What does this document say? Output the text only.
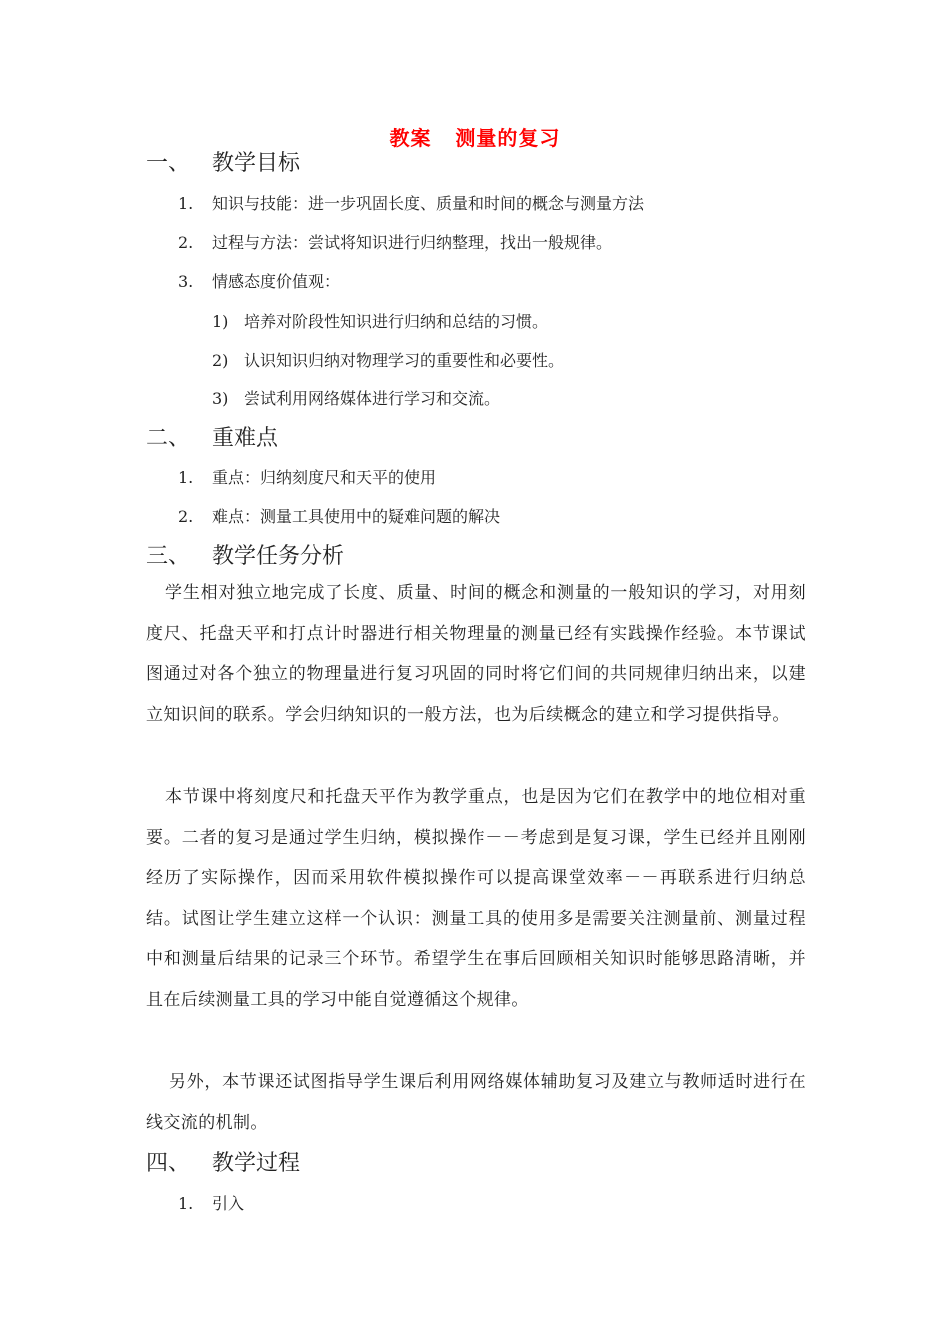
教案   测量的复习
一、 教学目标
1. 知识与技能：进一步巩固长度、质量和时间的概念与测量方法
2. 过程与方法：尝试将知识进行归纳整理，找出一般规律。
3. 情感态度价值观：
1) 培养对阶段性知识进行归纳和总结的习惯。
2) 认识知识归纳对物理学习的重要性和必要性。
3) 尝试利用网络媒体进行学习和交流。
二、 重难点
1. 重点：归纳刻度尺和天平的使用
2. 难点：测量工具使用中的疑难问题的解决
三、 教学任务分析
学生相对独立地完成了长度、质量、时间的概念和测量的一般知识的学习，对用刻度尺、托盘天平和打点计时器进行相关物理量的测量已经有实践操作经验。本节课试图通过对各个独立的物理量进行复习巩固的同时将它们间的共同规律归纳出来，以建立知识间的联系。学会归纳知识的一般方法，也为后续概念的建立和学习提供指导。
本节课中将刻度尺和托盘天平作为教学重点，也是因为它们在教学中的地位相对重要。二者的复习是通过学生归纳，模拟操作－－考虑到是复习课，学生已经并且刚刚经历了实际操作，因而采用软件模拟操作可以提高课堂效率－－再联系进行归纳总结。试图让学生建立这样一个认识：测量工具的使用多是需要关注测量前、测量过程中和测量后结果的记录三个环节。希望学生在事后回顾相关知识时能够思路清晰，并且在后续测量工具的学习中能自觉遵循这个规律。
另外，本节课还试图指导学生课后利用网络媒体辅助复习及建立与教师适时进行在线交流的机制。
四、 教学过程
1. 引入
